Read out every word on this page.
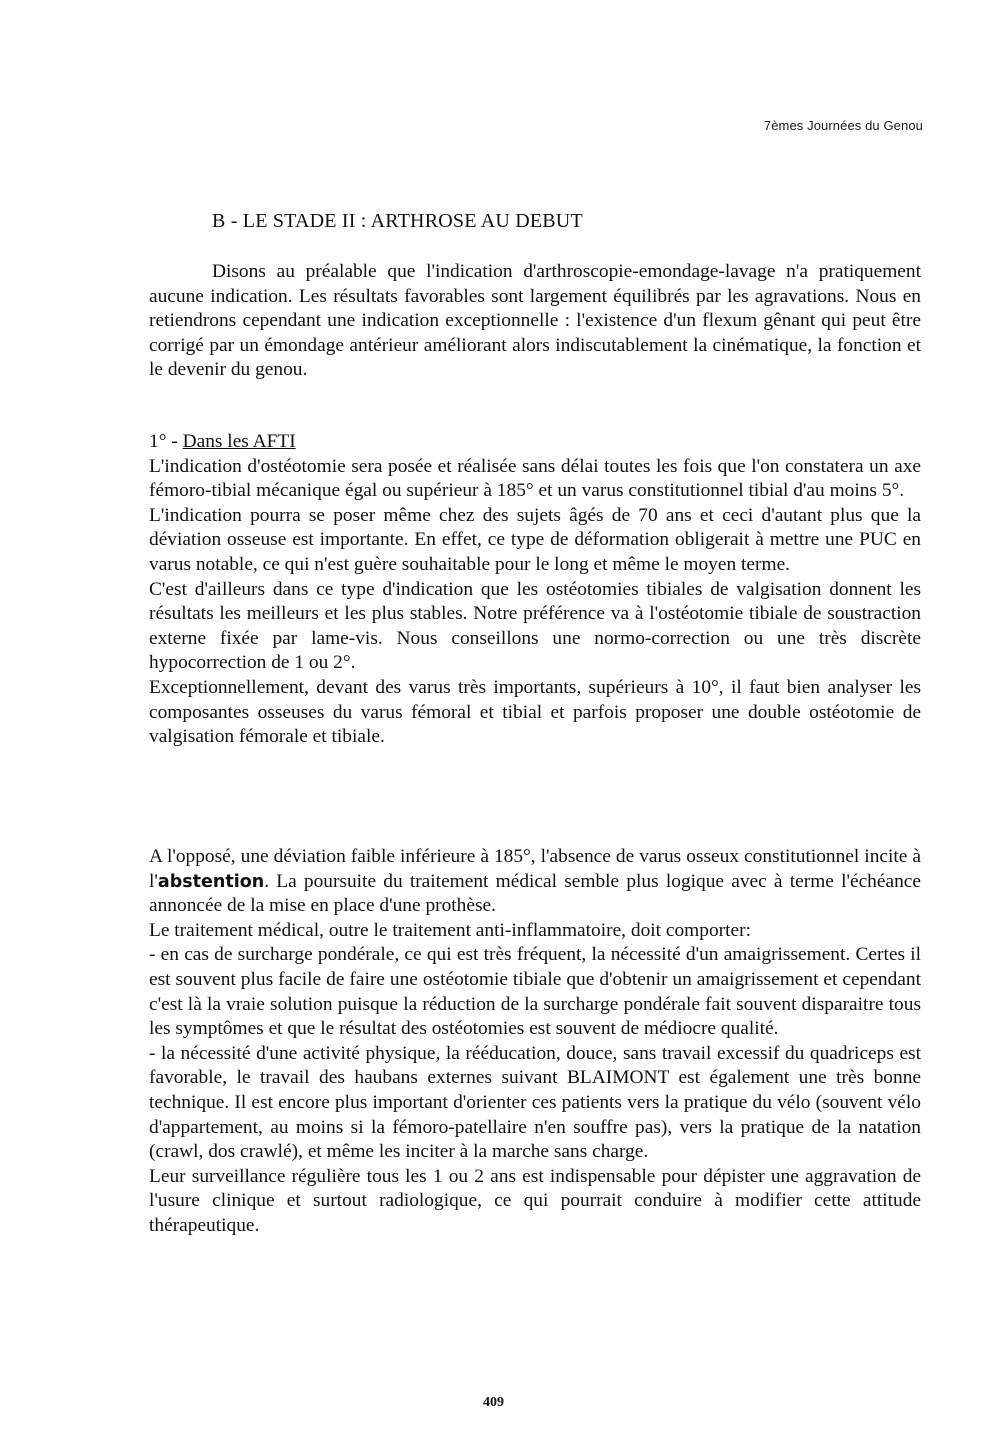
7èmes Journées du Genou
B - LE STADE II : ARTHROSE AU DEBUT

Disons au préalable que l'indication d'arthroscopie-emondage-lavage n'a pratiquement aucune indication. Les résultats favorables sont largement équilibrés par les agravations. Nous en retiendrons cependant une indication exceptionnelle : l'existence d'un flexum gênant qui peut être corrigé par un émondage antérieur améliorant alors indiscutablement la cinématique, la fonction et le devenir du genou.

1° - Dans les AFTI

L'indication d'ostéotomie sera posée et réalisée sans délai toutes les fois que l'on constatera un axe fémoro-tibial mécanique égal ou supérieur à 185° et un varus constitutionnel tibial d'au moins 5°.

L'indication pourra se poser même chez des sujets âgés de 70 ans et ceci d'autant plus que la déviation osseuse est importante. En effet, ce type de déformation obligerait à mettre une PUC en varus notable, ce qui n'est guère souhaitable pour le long et même le moyen terme.

C'est d'ailleurs dans ce type d'indication que les ostéotomies tibiales de valgisation donnent les résultats les meilleurs et les plus stables. Notre préférence va à l'ostéotomie tibiale de soustraction externe fixée par lame-vis. Nous conseillons une normo-correction ou une très discrète hypocorrection de 1 ou 2°.

Exceptionnellement, devant des varus très importants, supérieurs à 10°, il faut bien analyser les composantes osseuses du varus fémoral et tibial et parfois proposer une double ostéotomie de valgisation fémorale et tibiale.

A l'opposé, une déviation faible inférieure à 185°, l'absence de varus osseux constitutionnel incite à l'abstention. La poursuite du traitement médical semble plus logique avec à terme l'échéance annoncée de la mise en place d'une prothèse.

Le traitement médical, outre le traitement anti-inflammatoire, doit comporter:

- en cas de surcharge pondérale, ce qui est très fréquent, la nécessité d'un amaigrissement. Certes il est souvent plus facile de faire une ostéotomie tibiale que d'obtenir un amaigrissement et cependant c'est là la vraie solution puisque la réduction de la surcharge pondérale fait souvent disparaitre tous les symptômes et que le résultat des ostéotomies est souvent de médiocre qualité.

- la nécessité d'une activité physique, la rééducation, douce, sans travail excessif du quadriceps est favorable, le travail des haubans externes suivant BLAIMONT est également une très bonne technique. Il est encore plus important d'orienter ces patients vers la pratique du vélo (souvent vélo d'appartement, au moins si la fémoro-patellaire n'en souffre pas), vers la pratique de la natation (crawl, dos crawlé), et même les inciter à la marche sans charge.

Leur surveillance régulière tous les 1 ou 2 ans est indispensable pour dépister une aggravation de l'usure clinique et surtout radiologique, ce qui pourrait conduire à modifier cette attitude thérapeutique.

409
